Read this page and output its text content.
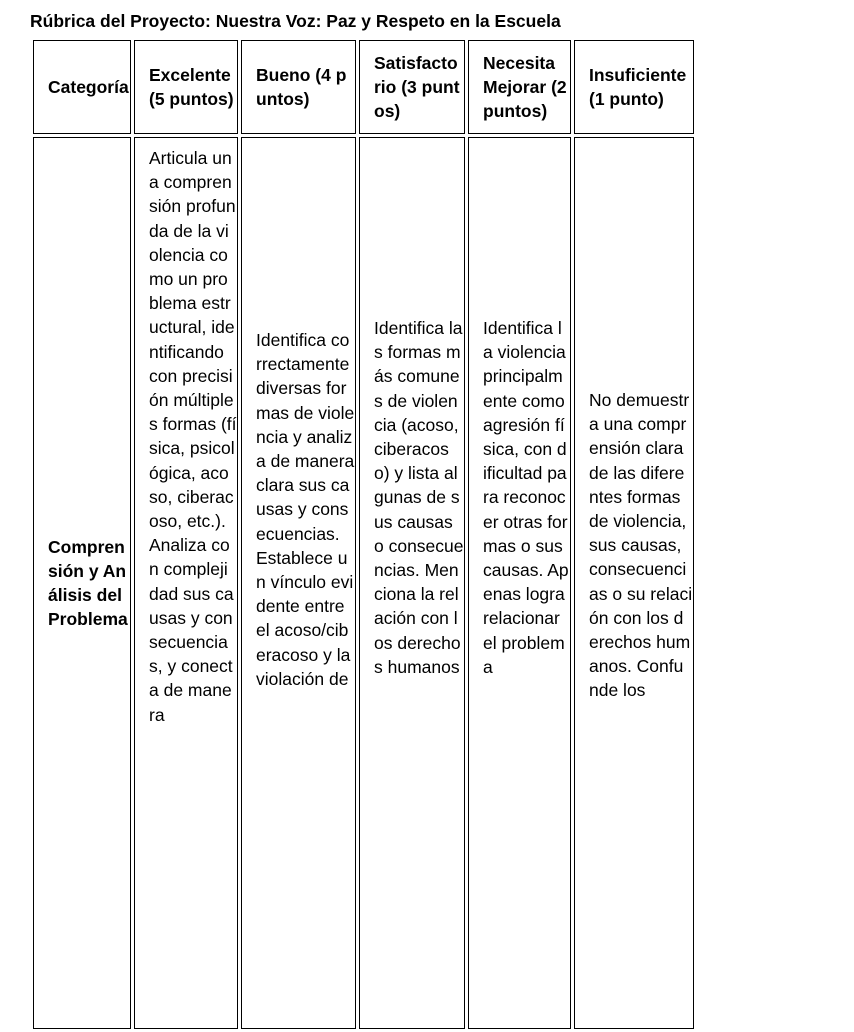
Rúbrica del Proyecto: Nuestra Voz: Paz y Respeto en la Escuela
Categoría	Excelente (5 puntos)	Bueno (4 puntos)	Satisfactorio (3 puntos)	Necesita Mejorar (2 puntos)	Insuficiente (1 punto)

Comprensión y Análisis del Problema	Articula una comprensión profunda de la violencia como un problema estructural, identificando con precisión múltiples formas (física, psicológica, acoso, ciberacoso, etc.). Analiza con complejidad sus causas y consecuencias, y conecta de manera	Identifica correctamente diversas formas de violencia y analiza de manera clara sus causas y consecuencias. Establece un vínculo evidente entre el acoso/ciberacoso y la violación de	Identifica las formas más comunes de violencia (acoso, ciberacoso) y lista algunas de sus causas o consecuencias. Menciona la relación con los derechos humanos	Identifica la violencia principalmente como agresión física, con dificultad para reconocer otras formas o sus causas. Apenas logra relacionar el problema	No demuestra una comprensión clara de las diferentes formas de violencia, sus causas, consecuencias o su relación con los derechos humanos. Confunde los
